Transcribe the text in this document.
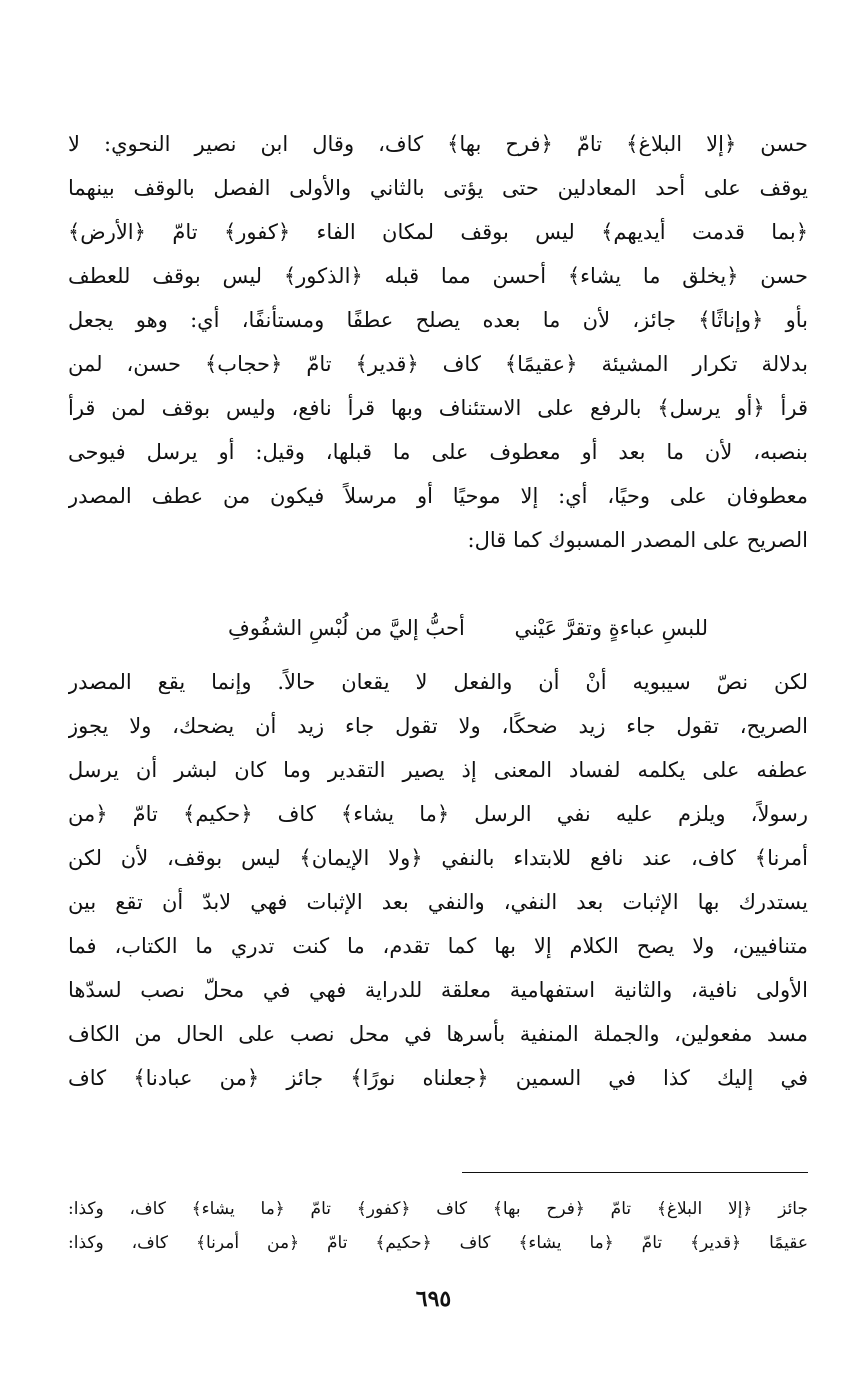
حسن ﴿إلا البلاغ﴾ تامّ ﴿فرح بها﴾ كاف، وقال ابن نصير النحوي: لا
يوقف على أحد المعادلين حتى يؤتى بالثاني والأولى الفصل بالوقف بينهما
﴿بما قدمت أيديهم﴾ ليس بوقف لمكان الفاء ﴿كفور﴾ تامّ ﴿الأرض﴾
حسن ﴿يخلق ما يشاء﴾ أحسن مما قبله ﴿الذكور﴾ ليس بوقف للعطف
بأو ﴿وإناثًا﴾ جائز، لأن ما بعده يصلح عطفًا ومستأنفًا، أي: وهو يجعل
بدلالة تكرار المشيئة ﴿عقيمًا﴾ كاف ﴿قدير﴾ تامّ ﴿حجاب﴾ حسن، لمن
قرأ ﴿أو يرسل﴾ بالرفع على الاستئناف وبها قرأ نافع، وليس بوقف لمن قرأ
بنصبه، لأن ما بعد أو معطوف على ما قبلها، وقيل: أو يرسل فيوحى
معطوفان على وحيًا، أي: إلا موحيًا أو مرسلاً فيكون من عطف المصدر
الصريح على المصدر المسبوك كما قال:
للبسِ عباءةٍ وتقرَّ عَيْني
أحبُّ إليَّ من لُبْسِ الشفُوفِ
لكن نصّ سيبويه أنْ أن والفعل لا يقعان حالاً. وإنما يقع المصدر
الصريح، تقول جاء زيد ضحكًا، ولا تقول جاء زيد أن يضحك، ولا يجوز
عطفه على يكلمه لفساد المعنى إذ يصير التقدير وما كان لبشر أن يرسل
رسولاً، ويلزم عليه نفي الرسل ﴿ما يشاء﴾ كاف ﴿حكيم﴾ تامّ ﴿من
أمرنا﴾ كاف، عند نافع للابتداء بالنفي ﴿ولا الإيمان﴾ ليس بوقف، لأن لكن
يستدرك بها الإثبات بعد النفي، والنفي بعد الإثبات فهي لابدّ أن تقع بين
متنافيين، ولا يصح الكلام إلا بها كما تقدم، ما كنت تدري ما الكتاب، فما
الأولى نافية، والثانية استفهامية معلقة للدراية فهي في محلّ نصب لسدّها
مسد مفعولين، والجملة المنفية بأسرها في محل نصب على الحال من الكاف
في إليك كذا في السمين ﴿جعلناه نورًا﴾ جائز ﴿من عبادنا﴾ كاف
جائز ﴿إلا البلاغ﴾ تامّ ﴿فرح بها﴾ كاف ﴿كفور﴾ تامّ ﴿ما يشاء﴾ كاف، وكذا:
عقيمًا ﴿قدير﴾ تامّ ﴿ما يشاء﴾ كاف ﴿حكيم﴾ تامّ ﴿من أمرنا﴾ كاف، وكذا:
٦٩٥
